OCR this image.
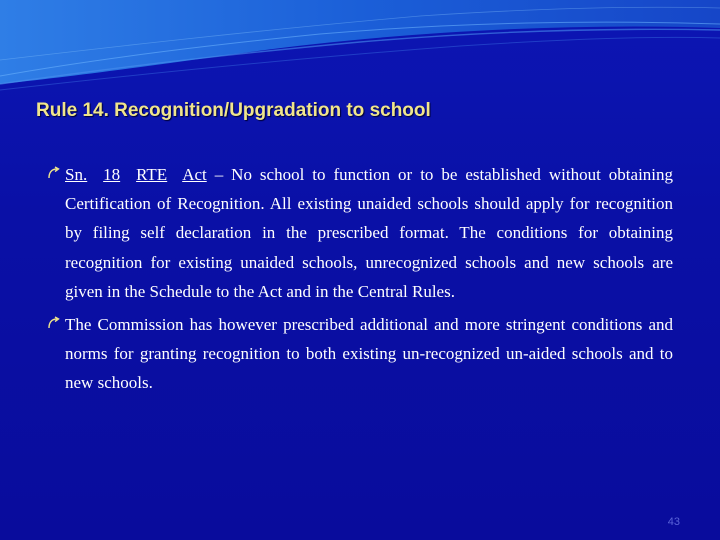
Rule 14. Recognition/Upgradation to school

Sn. 18 RTE Act – No school to function or to be established without obtaining Certification of Recognition. All existing unaided schools should apply for recognition by filing self declaration in the prescribed format. The conditions for obtaining recognition for existing unaided schools, unrecognized schools and new schools are given in the Schedule to the Act and in the Central Rules.

The Commission has however prescribed additional and more stringent conditions and norms for granting recognition to both existing un-recognized un-aided schools and to new schools.

43
